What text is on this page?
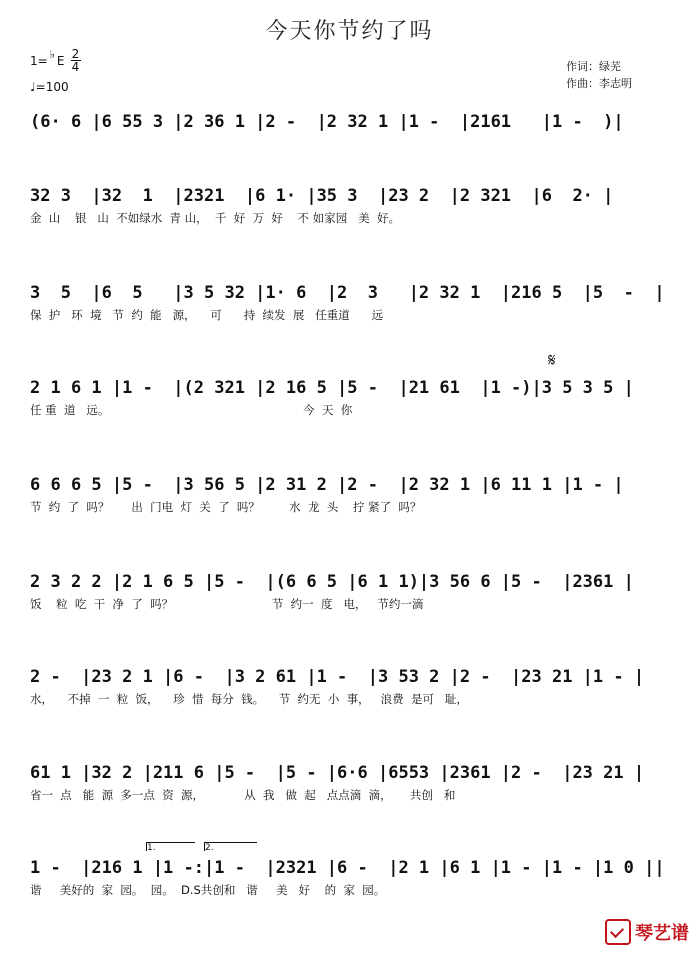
今天你节约了吗
1= ♭ E 2
4
♩=100
作词：绿芜
作曲：李志明
(6· 6 |6 55 3 |2 36 1 |2 -  |2 32 1 |1 -  |2161   |1 -  )|
32 3  |32  1  |2321  |6 1· |35 3  |23 2  |2 321  |6  2· |
金  山    银   山  不如绿水  青 山，  千  好  万  好    不 如家园   美  好。
3  5  |6  5   |3 5 32 |1· 6  |2  3   |2 32 1  |216 5  |5  -  |
保  护   环  境   节  约  能   源，    可      持  续发  展   任重道      远
2 1 6 1 |1 -  |(2 321 |2 16 5 |5 -  |21 61  |1 -)|3 5 3 5 |
任 重  道   远。                                                     今  天  你
𝄋
6 6 6 5 |5 -  |3 56 5 |2 31 2 |2 -  |2 32 1 |6 11 1 |1 - |
节  约  了  吗？      出  门电  灯  关  了  吗？        水  龙  头    拧 紧了  吗？
2 3 2 2 |2 1 6 5 |5 -  |(6 6 5 |6 1 1)|3 56 6 |5 -  |2361 |
饭    粒  吃  干  净  了  吗？                           节  约一  度   电，   节约一滴
2 -  |23 2 1 |6 -  |3 2 61 |1 -  |3 53 2 |2 -  |23 21 |1 - |
水，    不掉  一  粒  饭，    珍  惜  每分  钱。    节  约无  小  事，   浪费  是可   耻，
61 1 |32 2 |211 6 |5 -  |5 - |6·6 |6553 |2361 |2 -  |23 21 |
省一  点   能  源  多一点  资  源，           从  我   做  起   点点滴  滴，     共创   和
1.	2.
1 -  |216 1 |1 -:|1 -  |2321 |6 -  |2 1 |6 1 |1 - |1 - |1 0 ||
谐     美好的  家  园。  园。  D.S共创和   谐     美   好    的  家  园。
琴艺谱
